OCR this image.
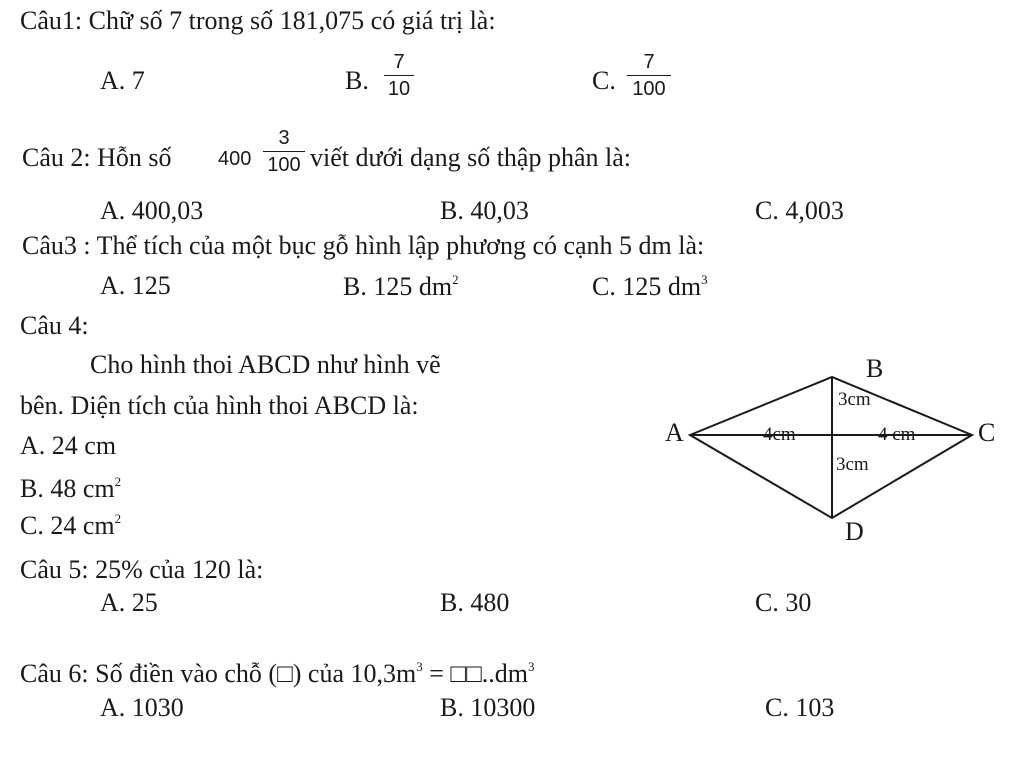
Câu1: Chữ số 7 trong số 181,075 có giá trị là:
A. 7	B.
7
10	C.
7
100
Câu 2: Hỗn số 400
3
100 viết dưới dạng số thập phân là:
A. 400,03	B. 40,03	C. 4,003
Câu3 : Thể tích của một bục gỗ hình lập phương có cạnh 5 dm là:
A. 125	B. 125 $dm^2$	C. 125 $dm^3$
Câu 4:
Cho hình thoi ABCD như hình vẽ
bên. Diện tích của hình thoi ABCD là:
A. 24 cm
B. 48 $cm^2$
C. 24 $cm^2$
A
B
C
D
3cm
4cm	4 cm
3cm
Câu 5: 25% của 120 là:
A. 25	B. 480	C. 30
Câu 6: Số điền vào chỗ (□) của $10,3m^3$ = $□□..dm^3$
A. 1030	B. 10300	C. 103
